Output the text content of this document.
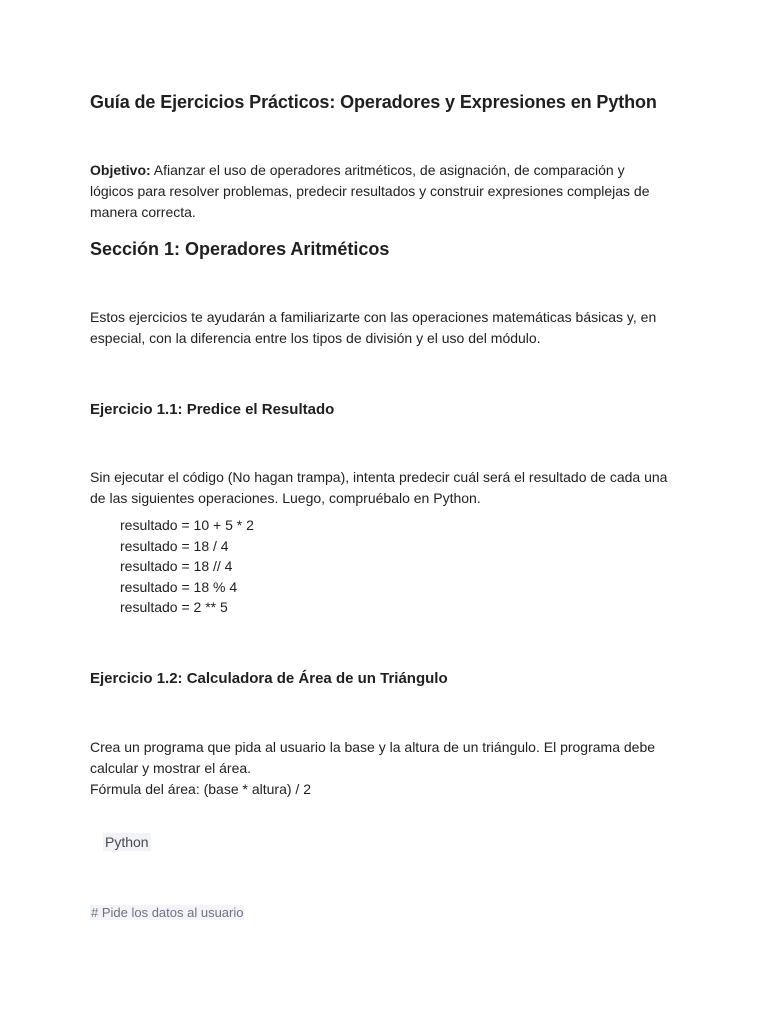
Guía de Ejercicios Prácticos: Operadores y Expresiones en Python

Objetivo: Afianzar el uso de operadores aritméticos, de asignación, de comparación y lógicos para resolver problemas, predecir resultados y construir expresiones complejas de manera correcta.

Sección 1: Operadores Aritméticos

Estos ejercicios te ayudarán a familiarizarte con las operaciones matemáticas básicas y, en especial, con la diferencia entre los tipos de división y el uso del módulo.

Ejercicio 1.1: Predice el Resultado

Sin ejecutar el código (No hagan trampa), intenta predecir cuál será el resultado de cada una de las siguientes operaciones. Luego, compruébalo en Python.

resultado = 10 + 5 * 2
resultado = 18 / 4
resultado = 18 // 4
resultado = 18 % 4
resultado = 2 ** 5
Ejercicio 1.2: Calculadora de Área de un Triángulo
Crea un programa que pida al usuario la base y la altura de un triángulo. El programa debe calcular y mostrar el área.
Fórmula del área: (base * altura) / 2
Python
# Pide los datos al usuario
